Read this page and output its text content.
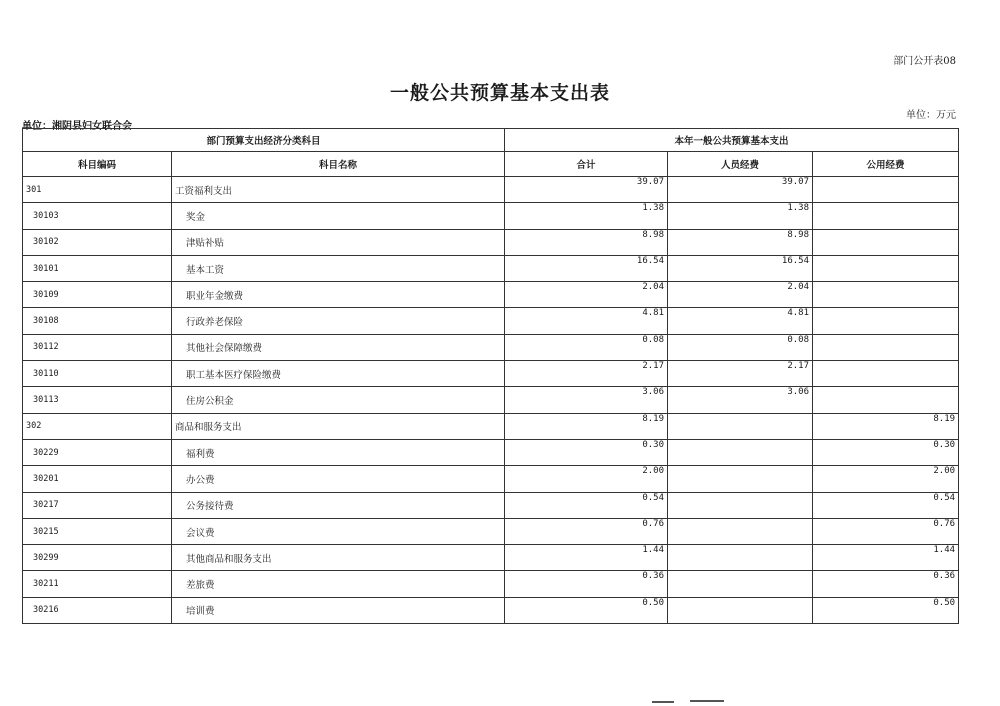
部门公开表08
一般公共预算基本支出表
单位：湘阴县妇女联合会
单位：万元
部门预算支出经济分类科目		本年一般公共预算基本支出		
科目编码	科目名称	合计	人员经费	公用经费
301	工资福利支出	39.07	39.07	
30103	奖金	1.38	1.38	
30102	津贴补贴	8.98	8.98	
30101	基本工资	16.54	16.54	
30109	职业年金缴费	2.04	2.04	
30108	行政养老保险	4.81	4.81	
30112	其他社会保障缴费	0.08	0.08	
30110	职工基本医疗保险缴费	2.17	2.17	
30113	住房公积金	3.06	3.06	
302	商品和服务支出	8.19		8.19
30229	福利费	0.30		0.30
30201	办公费	2.00		2.00
30217	公务接待费	0.54		0.54
30215	会议费	0.76		0.76
30299	其他商品和服务支出	1.44		1.44
30211	差旅费	0.36		0.36
30216	培训费	0.50		0.50
